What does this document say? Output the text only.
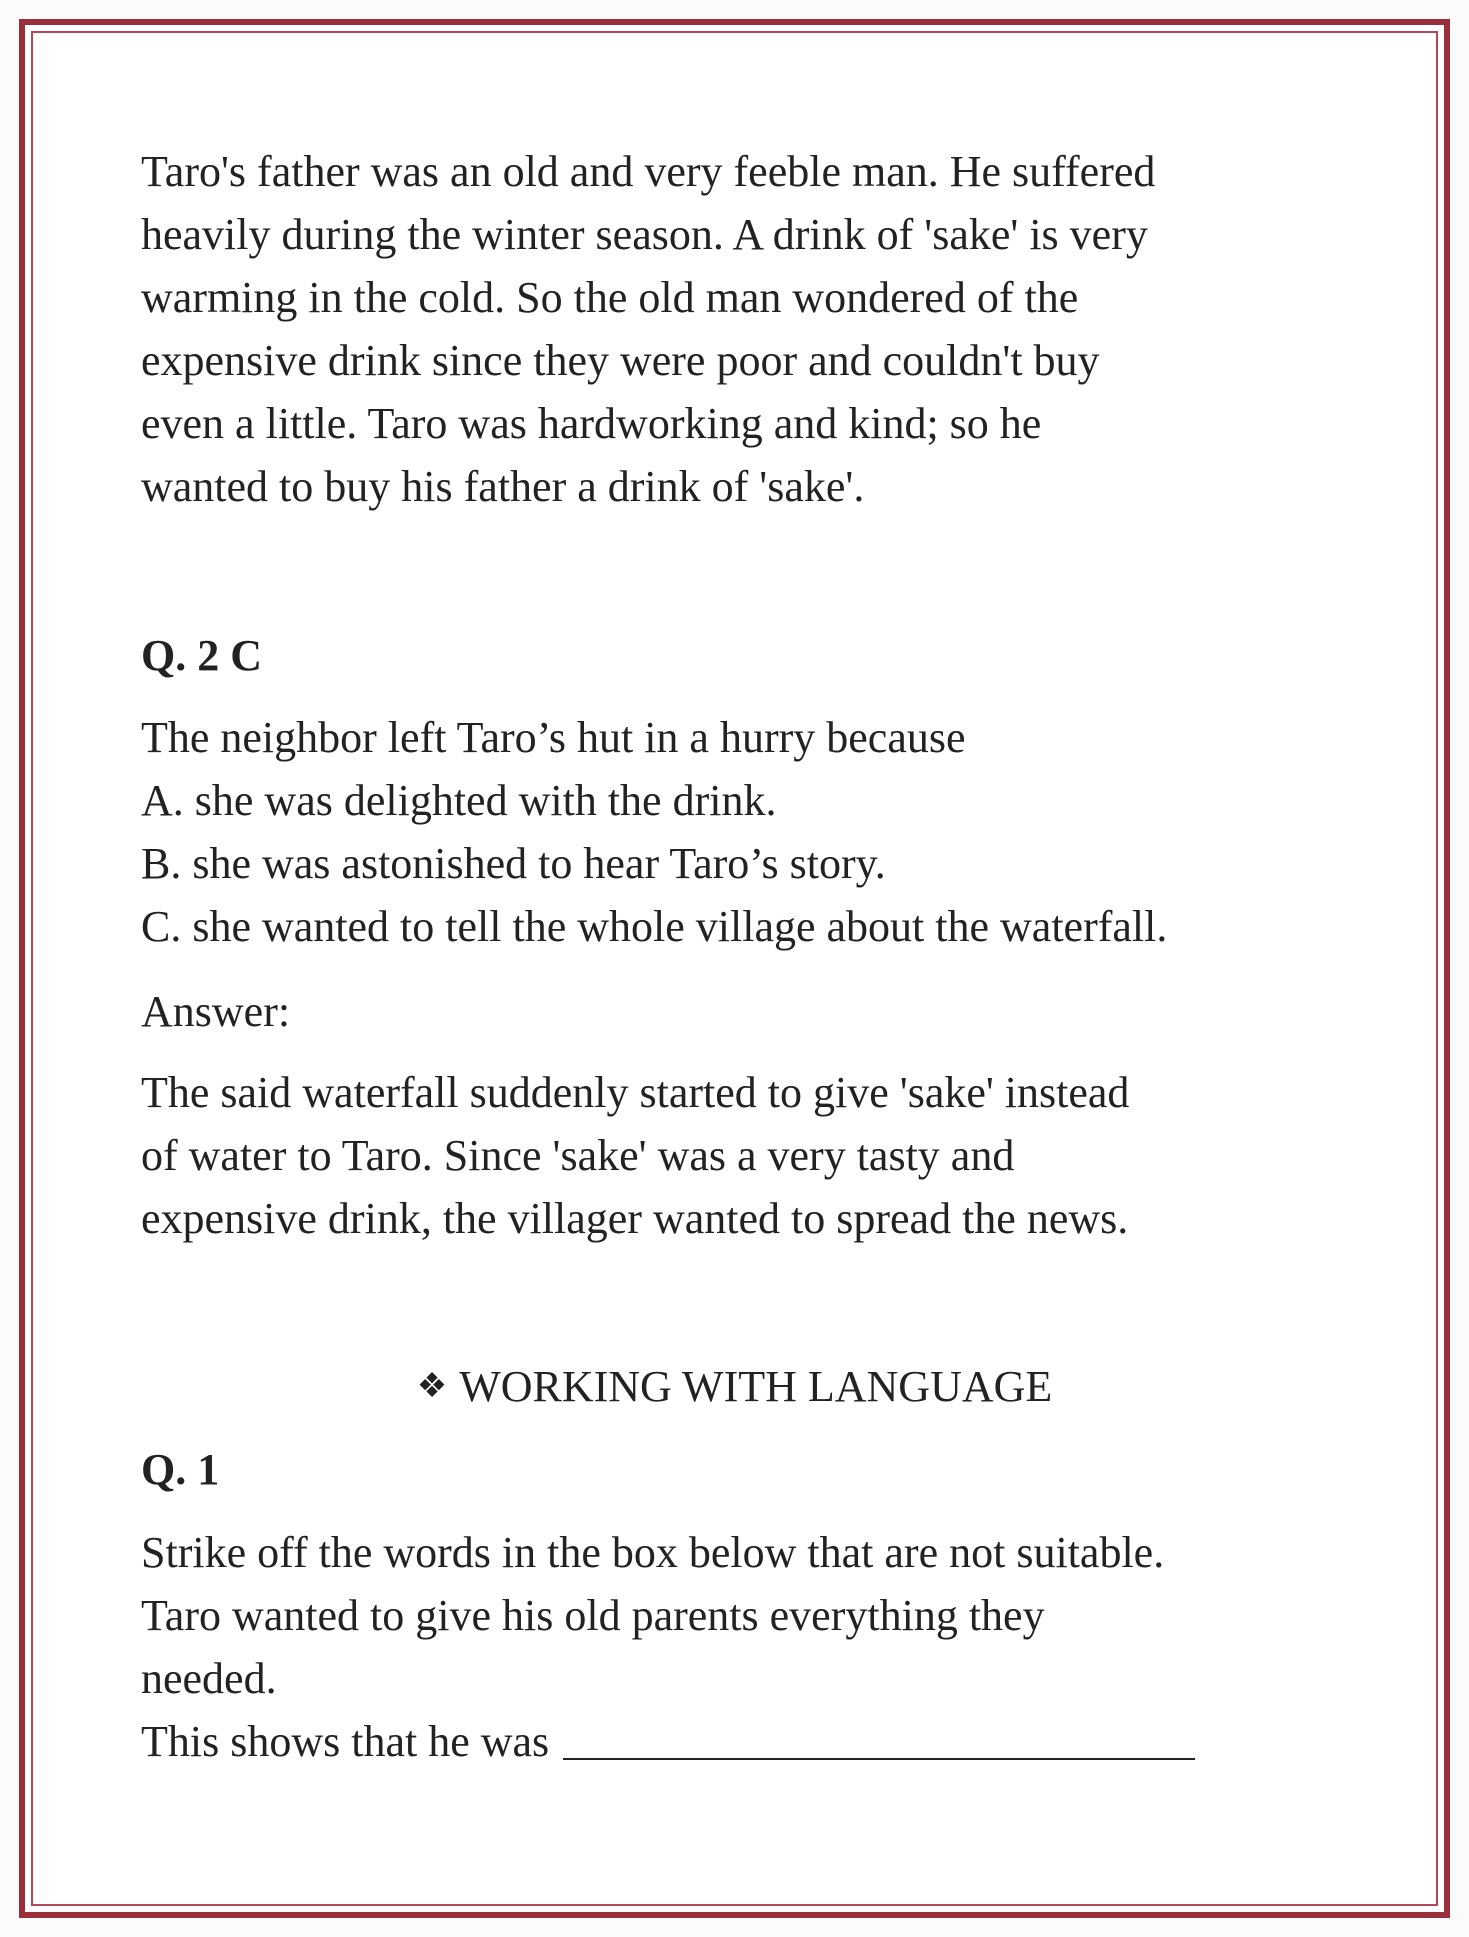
Taro's father was an old and very feeble man. He suffered
heavily during the winter season. A drink of 'sake' is very
warming in the cold. So the old man wondered of the
expensive drink since they were poor and couldn't buy
even a little. Taro was hardworking and kind; so he
wanted to buy his father a drink of 'sake'.
Q. 2 C
The neighbor left Taro’s hut in a hurry because
A. she was delighted with the drink.
B. she was astonished to hear Taro’s story.
C. she wanted to tell the whole village about the waterfall.
Answer:
The said waterfall suddenly started to give 'sake' instead
of water to Taro. Since 'sake' was a very tasty and
expensive drink, the villager wanted to spread the news.
❖ WORKING WITH LANGUAGE
Q. 1
Strike off the words in the box below that are not suitable.
Taro wanted to give his old parents everything they
needed.
This shows that he was
